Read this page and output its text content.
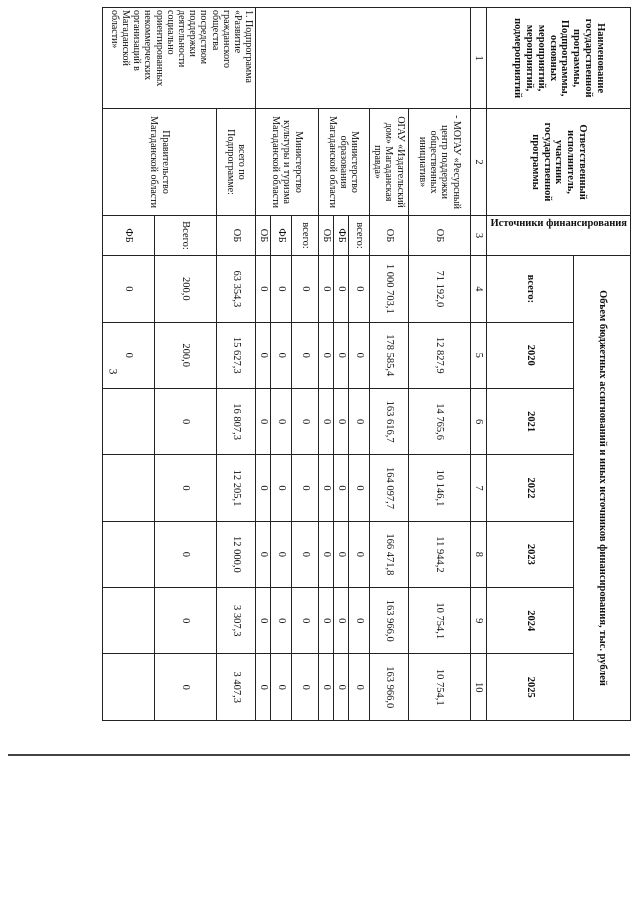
3
Наименование государственной программы, Подпрограммы, основных мероприятий, мероприятий, подмероприятий	Ответственный исполнитель, участник государственной программы	Источники финансирования	Объем бюджетных ассигнований и иных источников финансирования, тыс. рублей						
			всего:	2020	2021	2022	2023	2024	2025
1	2	3	4	5	6	7	8	9	10
	- МОГАУ «Ресурсный центр поддержки общественных инициатив»	ОБ	71 192,0	12 827,9	14 765,6	10 146,1	11 944,2	10 754,1	10 754,1
	ОГАУ «Издательский дом» Магаданская правда»	ОБ	1 000 703,1	178 585,4	163 616,7	164 097,7	166 471,8	163 966,0	163 966,0
	Министерство образования Магаданской области	всего:	0	0	0	0	0	0	0
		ФБ	0	0	0	0	0	0	0
		ОБ	0	0	0	0	0	0	0
	Министерство культуры и туризма Магаданской области	всего:	0	0	0	0	0	0	0
		ФБ	0	0	0	0	0	0	0
		ОБ	0	0	0	0	0	0	0
1. Подпрограмма «Развитие гражданского общества посредством поддержки деятельности социально ориентированных некоммерческих организаций в Магаданской области»	всего по Подпрограмме:	ОБ	63 354,3	15 627,3	16 807,3	12 205,1	12 000,0	3 307,3	3 407,3
	Правительство Магаданской области	Всего:	200,0	200,0	0	0	0	0	0
		ФБ	0	0					
